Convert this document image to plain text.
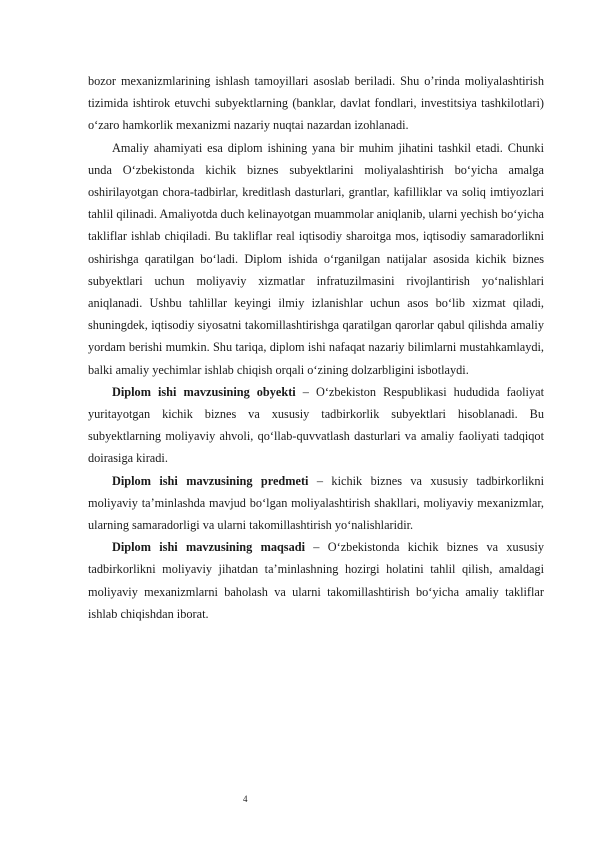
bozor mexanizmlarining ishlash tamoyillari asoslab beriladi. Shu o’rinda moliyalashtirish tizimida ishtirok etuvchi subyektlarning (banklar, davlat fondlari, investitsiya tashkilotlari) o‘zaro hamkorlik mexanizmi nazariy nuqtai nazardan izohlanadi.

Amaliy ahamiyati esa diplom ishining yana bir muhim jihatini tashkil etadi. Chunki unda O‘zbekistonda kichik biznes subyektlarini moliyalashtirish bo‘yicha amalga oshirilayotgan chora-tadbirlar, kreditlash dasturlari, grantlar, kafilliklar va soliq imtiyozlari tahlil qilinadi. Amaliyotda duch kelinayotgan muammolar aniqlanib, ularni yechish bo‘yicha takliflar ishlab chiqiladi. Bu takliflar real iqtisodiy sharoitga mos, iqtisodiy samaradorlikni oshirishga qaratilgan bo‘ladi. Diplom ishida o‘rganilgan natijalar asosida kichik biznes subyektlari uchun moliyaviy xizmatlar infratuzilmasini rivojlantirish yo‘nalishlari aniqlanadi. Ushbu tahlillar keyingi ilmiy izlanishlar uchun asos bo‘lib xizmat qiladi, shuningdek, iqtisodiy siyosatni takomillashtirishga qaratilgan qarorlar qabul qilishda amaliy yordam berishi mumkin. Shu tariqa, diplom ishi nafaqat nazariy bilimlarni mustahkamlaydi, balki amaliy yechimlar ishlab chiqish orqali o‘zining dolzarbligini isbotlaydi.

Diplom ishi mavzusining obyekti – O‘zbekiston Respublikasi hududida faoliyat yuritayotgan kichik biznes va xususiy tadbirkorlik subyektlari hisoblanadi. Bu subyektlarning moliyaviy ahvoli, qo‘llab-quvvatlash dasturlari va amaliy faoliyati tadqiqot doirasiga kiradi.

Diplom ishi mavzusining predmeti – kichik biznes va xususiy tadbirkorlikni moliyaviy ta’minlashda mavjud bo‘lgan moliyalashtirish shakllari, moliyaviy mexanizmlar, ularning samaradorligi va ularni takomillashtirish yo‘nalishlaridir.

Diplom ishi mavzusining maqsadi – O‘zbekistonda kichik biznes va xususiy tadbirkorlikni moliyaviy jihatdan ta’minlashning hozirgi holatini tahlil qilish, amaldagi moliyaviy mexanizmlarni baholash va ularni takomillashtirish bo‘yicha amaliy takliflar ishlab chiqishdan iborat.

4
